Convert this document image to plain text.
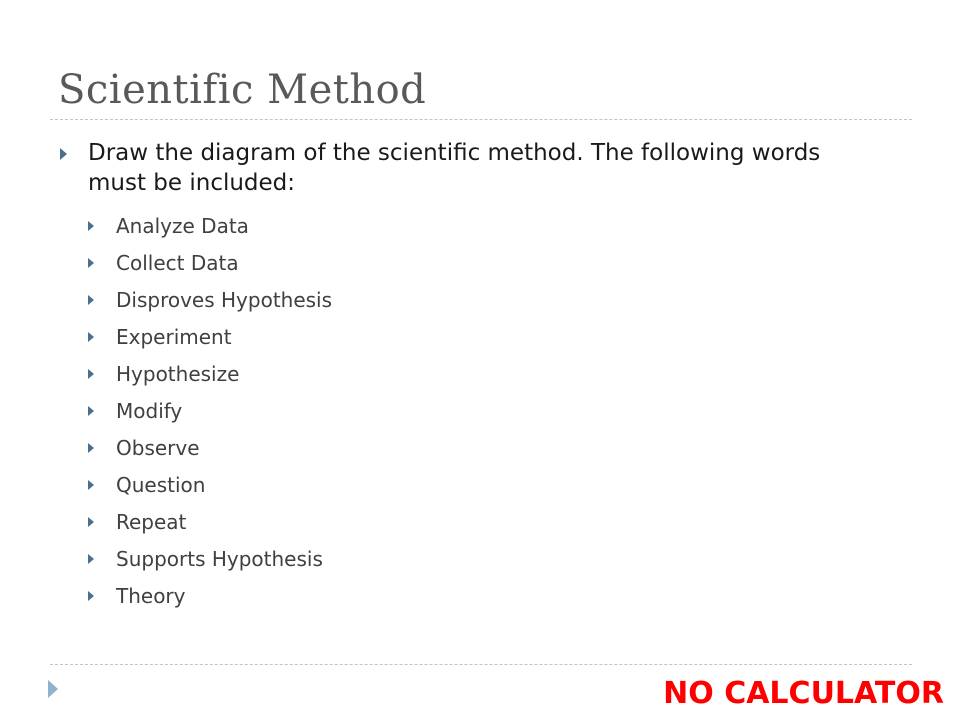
Scientific Method
Draw the diagram of the scientific method. The following words must be included:
Analyze Data
Collect Data
Disproves Hypothesis
Experiment
Hypothesize
Modify
Observe
Question
Repeat
Supports Hypothesis
Theory
NO CALCULATOR
